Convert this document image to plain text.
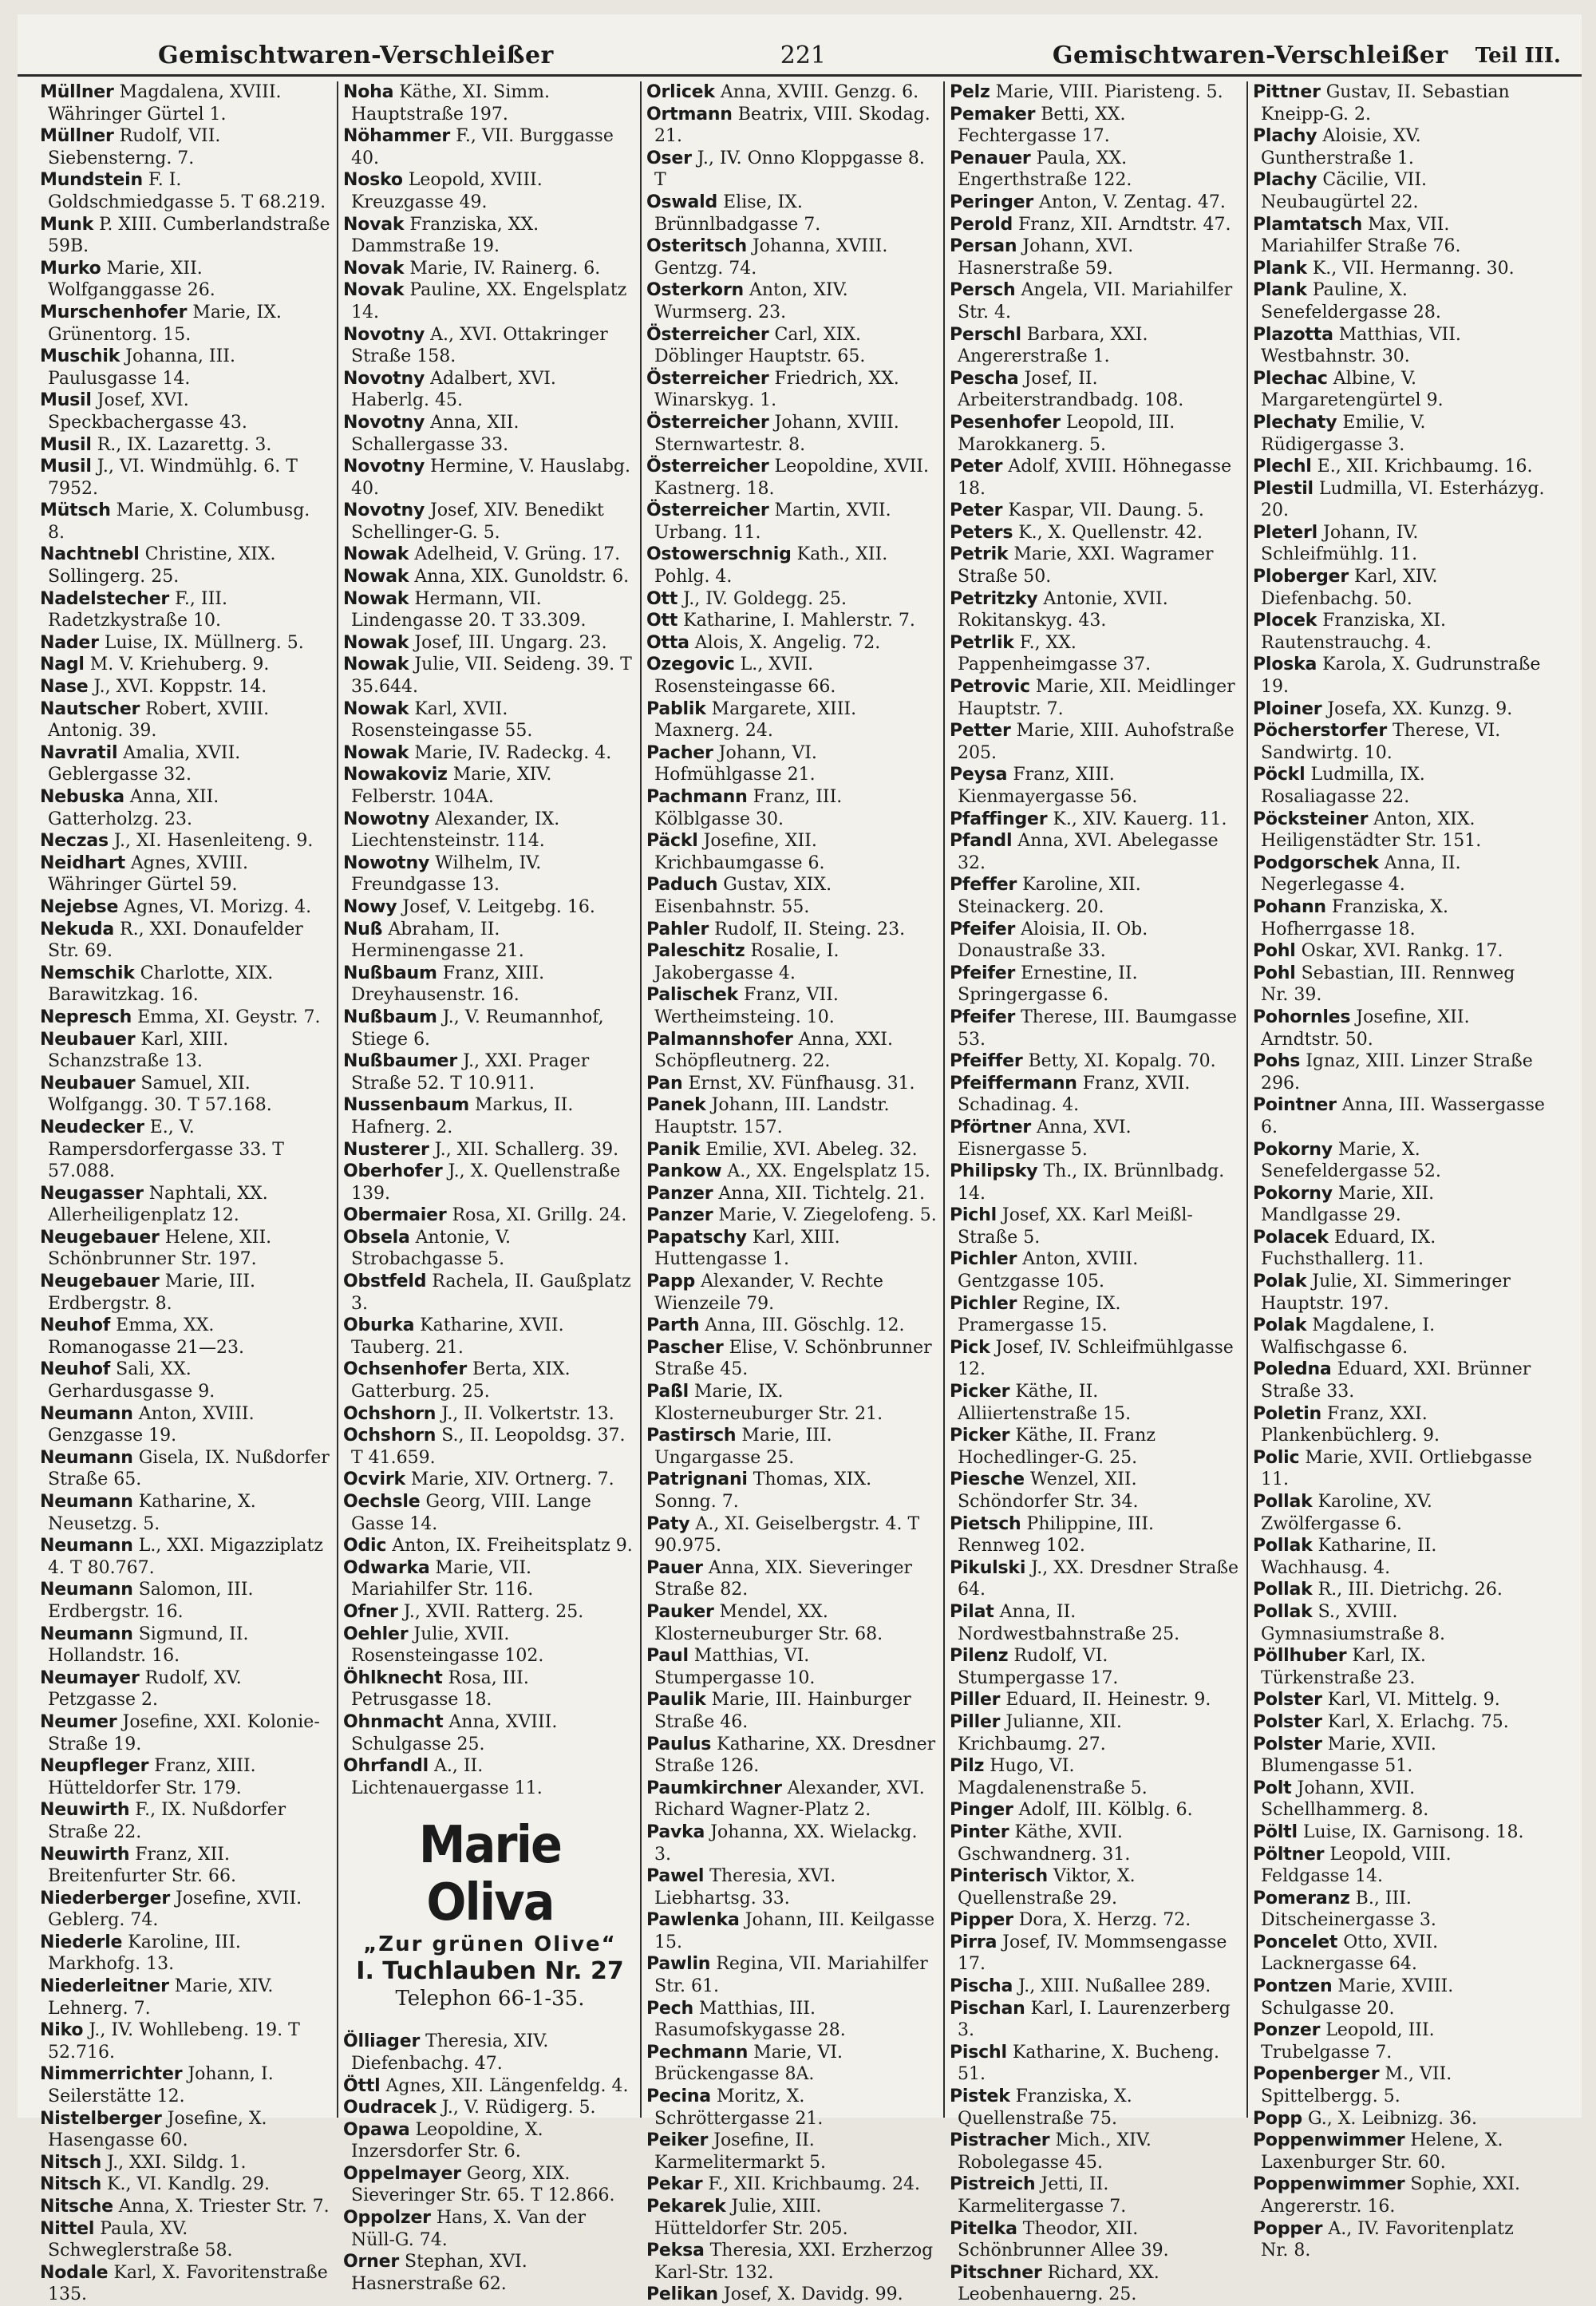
Gemischtwaren-Verschleißer	221	Gemischtwaren-Verschleißer Teil III.
Müllner Magdalena, XVIII. Währinger Gürtel 1.
Müllner Rudolf, VII. Siebensterng. 7.
Mundstein F. I. Goldschmiedgasse 5. T 68.219.
Munk P. XIII. Cumberlandstraße 59B.
Murko Marie, XII. Wolfganggasse 26.
Murschenhofer Marie, IX. Grünentorg. 15.
Muschik Johanna, III. Paulusgasse 14.
Musil Josef, XVI. Speckbachergasse 43.
Musil R., IX. Lazarettg. 3.
Musil J., VI. Windmühlg. 6. T 7952.
Mütsch Marie, X. Columbusg. 8.
Nachtnebl Christine, XIX. Sollingerg. 25.
Nadelstecher F., III. Radetzkystraße 10.
Nader Luise, IX. Müllnerg. 5.
Nagl M. V. Kriehuberg. 9.
Nase J., XVI. Koppstr. 14.
Nautscher Robert, XVIII. Antonig. 39.
Navratil Amalia, XVII. Geblergasse 32.
Nebuska Anna, XII. Gatterholzg. 23.
Neczas J., XI. Hasenleiteng. 9.
Neidhart Agnes, XVIII. Währinger Gürtel 59.
Nejebse Agnes, VI. Morizg. 4.
Nekuda R., XXI. Donaufelder Str. 69.
Nemschik Charlotte, XIX. Barawitzkag. 16.
Nepresch Emma, XI. Geystr. 7.
Neubauer Karl, XIII. Schanzstraße 13.
Neubauer Samuel, XII. Wolfgangg. 30. T 57.168.
Neudecker E., V. Rampersdorfergasse 33. T 57.088.
Neugasser Naphtali, XX. Allerheiligenplatz 12.
Neugebauer Helene, XII. Schönbrunner Str. 197.
Neugebauer Marie, III. Erdbergstr. 8.
Neuhof Emma, XX. Romanogasse 21—23.
Neuhof Sali, XX. Gerhardusgasse 9.
Neumann Anton, XVIII. Genzgasse 19.
Neumann Gisela, IX. Nußdorfer Straße 65.
Neumann Katharine, X. Neusetzg. 5.
Neumann L., XXI. Migazziplatz 4. T 80.767.
Neumann Salomon, III. Erdbergstr. 16.
Neumann Sigmund, II. Hollandstr. 16.
Neumayer Rudolf, XV. Petzgasse 2.
Neumer Josefine, XXI. Kolonie-Straße 19.
Neupfleger Franz, XIII. Hütteldorfer Str. 179.
Neuwirth F., IX. Nußdorfer Straße 22.
Neuwirth Franz, XII. Breitenfurter Str. 66.
Niederberger Josefine, XVII. Geblerg. 74.
Niederle Karoline, III. Markhofg. 13.
Niederleitner Marie, XIV. Lehnerg. 7.
Niko J., IV. Wohllebeng. 19. T 52.716.
Nimmerrichter Johann, I. Seilerstätte 12.
Nistelberger Josefine, X. Hasengasse 60.
Nitsch J., XXI. Sildg. 1.
Nitsch K., VI. Kandlg. 29.
Nitsche Anna, X. Triester Str. 7.
Nittel Paula, XV. Schweglerstraße 58.
Nodale Karl, X. Favoritenstraße 135.
Noha Käthe, XI. Simm. Hauptstraße 197.
Nöhammer F., VII. Burggasse 40.
Nosko Leopold, XVIII. Kreuzgasse 49.
Novak Franziska, XX. Dammstraße 19.
Novak Marie, IV. Rainerg. 6.
Novak Pauline, XX. Engelsplatz 14.
Novotny A., XVI. Ottakringer Straße 158.
Novotny Adalbert, XVI. Haberlg. 45.
Novotny Anna, XII. Schallergasse 33.
Novotny Hermine, V. Hauslabg. 40.
Novotny Josef, XIV. Benedikt Schellinger-G. 5.
Nowak Adelheid, V. Grüng. 17.
Nowak Anna, XIX. Gunoldstr. 6.
Nowak Hermann, VII. Lindengasse 20. T 33.309.
Nowak Josef, III. Ungarg. 23.
Nowak Julie, VII. Seideng. 39. T 35.644.
Nowak Karl, XVII. Rosensteingasse 55.
Nowak Marie, IV. Radeckg. 4.
Nowakoviz Marie, XIV. Felberstr. 104A.
Nowotny Alexander, IX. Liechtensteinstr. 114.
Nowotny Wilhelm, IV. Freundgasse 13.
Nowy Josef, V. Leitgebg. 16.
Nuß Abraham, II. Herminengasse 21.
Nußbaum Franz, XIII. Dreyhausenstr. 16.
Nußbaum J., V. Reumannhof, Stiege 6.
Nußbaumer J., XXI. Prager Straße 52. T 10.911.
Nussenbaum Markus, II. Hafnerg. 2.
Nusterer J., XII. Schallerg. 39.
Oberhofer J., X. Quellenstraße 139.
Obermaier Rosa, XI. Grillg. 24.
Obsela Antonie, V. Strobachgasse 5.
Obstfeld Rachela, II. Gaußplatz 3.
Oburka Katharine, XVII. Tauberg. 21.
Ochsenhofer Berta, XIX. Gatterburg. 25.
Ochshorn J., II. Volkertstr. 13.
Ochshorn S., II. Leopoldsg. 37. T 41.659.
Ocvirk Marie, XIV. Ortnerg. 7.
Oechsle Georg, VIII. Lange Gasse 14.
Odic Anton, IX. Freiheitsplatz 9.
Odwarka Marie, VII. Mariahilfer Str. 116.
Ofner J., XVII. Ratterg. 25.
Oehler Julie, XVII. Rosensteingasse 102.
Öhlknecht Rosa, III. Petrusgasse 18.
Ohnmacht Anna, XVIII. Schulgasse 25.
Ohrfandl A., II. Lichtenauergasse 11.
Marie Oliva
„Zur grünen Olive“
I. Tuchlauben Nr. 27
Telephon 66-1-35.
Ölliager Theresia, XIV. Diefenbachg. 47.
Öttl Agnes, XII. Längenfeldg. 4.
Oudracek J., V. Rüdigerg. 5.
Opawa Leopoldine, X. Inzersdorfer Str. 6.
Oppelmayer Georg, XIX. Sieveringer Str. 65. T 12.866.
Oppolzer Hans, X. Van der Nüll-G. 74.
Orner Stephan, XVI. Hasnerstraße 62.
Orlicek Anna, XVIII. Genzg. 6.
Ortmann Beatrix, VIII. Skodag. 21.
Oser J., IV. Onno Kloppgasse 8. T
Oswald Elise, IX. Brünnlbadgasse 7.
Osteritsch Johanna, XVIII. Gentzg. 74.
Osterkorn Anton, XIV. Wurmserg. 23.
Österreicher Carl, XIX. Döblinger Hauptstr. 65.
Österreicher Friedrich, XX. Winarskyg. 1.
Österreicher Johann, XVIII. Sternwartestr. 8.
Österreicher Leopoldine, XVII. Kastnerg. 18.
Österreicher Martin, XVII. Urbang. 11.
Ostowerschnig Kath., XII. Pohlg. 4.
Ott J., IV. Goldegg. 25.
Ott Katharine, I. Mahlerstr. 7.
Otta Alois, X. Angelig. 72.
Ozegovic L., XVII. Rosensteingasse 66.
Pablik Margarete, XIII. Maxnerg. 24.
Pacher Johann, VI. Hofmühlgasse 21.
Pachmann Franz, III. Kölblgasse 30.
Päckl Josefine, XII. Krichbaumgasse 6.
Paduch Gustav, XIX. Eisenbahnstr. 55.
Pahler Rudolf, II. Steing. 23.
Paleschitz Rosalie, I. Jakobergasse 4.
Palischek Franz, VII. Wertheimsteing. 10.
Palmannshofer Anna, XXI. Schöpfleutnerg. 22.
Pan Ernst, XV. Fünfhausg. 31.
Panek Johann, III. Landstr. Hauptstr. 157.
Panik Emilie, XVI. Abeleg. 32.
Pankow A., XX. Engelsplatz 15.
Panzer Anna, XII. Tichtelg. 21.
Panzer Marie, V. Ziegelofeng. 5.
Papatschy Karl, XIII. Huttengasse 1.
Papp Alexander, V. Rechte Wienzeile 79.
Parth Anna, III. Göschlg. 12.
Pascher Elise, V. Schönbrunner Straße 45.
Paßl Marie, IX. Klosterneuburger Str. 21.
Pastirsch Marie, III. Ungargasse 25.
Patrignani Thomas, XIX. Sonng. 7.
Paty A., XI. Geiselbergstr. 4. T 90.975.
Pauer Anna, XIX. Sieveringer Straße 82.
Pauker Mendel, XX. Klosterneuburger Str. 68.
Paul Matthias, VI. Stumpergasse 10.
Paulik Marie, III. Hainburger Straße 46.
Paulus Katharine, XX. Dresdner Straße 126.
Paumkirchner Alexander, XVI. Richard Wagner-Platz 2.
Pavka Johanna, XX. Wielackg. 3.
Pawel Theresia, XVI. Liebhartsg. 33.
Pawlenka Johann, III. Keilgasse 15.
Pawlin Regina, VII. Mariahilfer Str. 61.
Pech Matthias, III. Rasumofskygasse 28.
Pechmann Marie, VI. Brückengasse 8A.
Pecina Moritz, X. Schröttergasse 21.
Peiker Josefine, II. Karmelitermarkt 5.
Pekar F., XII. Krichbaumg. 24.
Pekarek Julie, XIII. Hütteldorfer Str. 205.
Peksa Theresia, XXI. Erzherzog Karl-Str. 132.
Pelikan Josef, X. Davidg. 99.
Pelz Marie, VIII. Piaristeng. 5.
Pemaker Betti, XX. Fechtergasse 17.
Penauer Paula, XX. Engerthstraße 122.
Peringer Anton, V. Zentag. 47.
Perold Franz, XII. Arndtstr. 47.
Persan Johann, XVI. Hasnerstraße 59.
Persch Angela, VII. Mariahilfer Str. 4.
Perschl Barbara, XXI. Angererstraße 1.
Pescha Josef, II. Arbeiterstrandbadg. 108.
Pesenhofer Leopold, III. Marokkanerg. 5.
Peter Adolf, XVIII. Höhnegasse 18.
Peter Kaspar, VII. Daung. 5.
Peters K., X. Quellenstr. 42.
Petrik Marie, XXI. Wagramer Straße 50.
Petritzky Antonie, XVII. Rokitanskyg. 43.
Petrlik F., XX. Pappenheimgasse 37.
Petrovic Marie, XII. Meidlinger Hauptstr. 7.
Petter Marie, XIII. Auhofstraße 205.
Peysa Franz, XIII. Kienmayergasse 56.
Pfaffinger K., XIV. Kauerg. 11.
Pfandl Anna, XVI. Abelegasse 32.
Pfeffer Karoline, XII. Steinackerg. 20.
Pfeifer Aloisia, II. Ob. Donaustraße 33.
Pfeifer Ernestine, II. Springergasse 6.
Pfeifer Therese, III. Baumgasse 53.
Pfeiffer Betty, XI. Kopalg. 70.
Pfeiffermann Franz, XVII. Schadinag. 4.
Pförtner Anna, XVI. Eisnergasse 5.
Philipsky Th., IX. Brünnlbadg. 14.
Pichl Josef, XX. Karl Meißl-Straße 5.
Pichler Anton, XVIII. Gentzgasse 105.
Pichler Regine, IX. Pramergasse 15.
Pick Josef, IV. Schleifmühlgasse 12.
Picker Käthe, II. Alliiertenstraße 15.
Picker Käthe, II. Franz Hochedlinger-G. 25.
Piesche Wenzel, XII. Schöndorfer Str. 34.
Pietsch Philippine, III. Rennweg 102.
Pikulski J., XX. Dresdner Straße 64.
Pilat Anna, II. Nordwestbahnstraße 25.
Pilenz Rudolf, VI. Stumpergasse 17.
Piller Eduard, II. Heinestr. 9.
Piller Julianne, XII. Krichbaumg. 27.
Pilz Hugo, VI. Magdalenenstraße 5.
Pinger Adolf, III. Kölblg. 6.
Pinter Käthe, XVII. Gschwandnerg. 31.
Pinterisch Viktor, X. Quellenstraße 29.
Pipper Dora, X. Herzg. 72.
Pirra Josef, IV. Mommsengasse 17.
Pischa J., XIII. Nußallee 289.
Pischan Karl, I. Laurenzerberg 3.
Pischl Katharine, X. Bucheng. 51.
Pistek Franziska, X. Quellenstraße 75.
Pistracher Mich., XIV. Robolegasse 45.
Pistreich Jetti, II. Karmelitergasse 7.
Pitelka Theodor, XII. Schönbrunner Allee 39.
Pitschner Richard, XX. Leobenhauerng. 25.
Pittner Gustav, II. Sebastian Kneipp-G. 2.
Plachy Aloisie, XV. Guntherstraße 1.
Plachy Cäcilie, VII. Neubaugürtel 22.
Plamtatsch Max, VII. Mariahilfer Straße 76.
Plank K., VII. Hermanng. 30.
Plank Pauline, X. Senefeldergasse 28.
Plazotta Matthias, VII. Westbahnstr. 30.
Plechac Albine, V. Margaretengürtel 9.
Plechaty Emilie, V. Rüdigergasse 3.
Plechl E., XII. Krichbaumg. 16.
Plestil Ludmilla, VI. Esterházyg. 20.
Pleterl Johann, IV. Schleifmühlg. 11.
Ploberger Karl, XIV. Diefenbachg. 50.
Plocek Franziska, XI. Rautenstrauchg. 4.
Ploska Karola, X. Gudrunstraße 19.
Ploiner Josefa, XX. Kunzg. 9.
Pöcherstorfer Therese, VI. Sandwirtg. 10.
Pöckl Ludmilla, IX. Rosaliagasse 22.
Pöcksteiner Anton, XIX. Heiligenstädter Str. 151.
Podgorschek Anna, II. Negerlegasse 4.
Pohann Franziska, X. Hofherrgasse 18.
Pohl Oskar, XVI. Rankg. 17.
Pohl Sebastian, III. Rennweg Nr. 39.
Pohornles Josefine, XII. Arndtstr. 50.
Pohs Ignaz, XIII. Linzer Straße 296.
Pointner Anna, III. Wassergasse 6.
Pokorny Marie, X. Senefeldergasse 52.
Pokorny Marie, XII. Mandlgasse 29.
Polacek Eduard, IX. Fuchsthallerg. 11.
Polak Julie, XI. Simmeringer Hauptstr. 197.
Polak Magdalene, I. Walfischgasse 6.
Poledna Eduard, XXI. Brünner Straße 33.
Poletin Franz, XXI. Plankenbüchlerg. 9.
Polic Marie, XVII. Ortliebgasse 11.
Pollak Karoline, XV. Zwölfergasse 6.
Pollak Katharine, II. Wachhausg. 4.
Pollak R., III. Dietrichg. 26.
Pollak S., XVIII. Gymnasiumstraße 8.
Pöllhuber Karl, IX. Türkenstraße 23.
Polster Karl, VI. Mittelg. 9.
Polster Karl, X. Erlachg. 75.
Polster Marie, XVII. Blumengasse 51.
Polt Johann, XVII. Schellhammerg. 8.
Pöltl Luise, IX. Garnisong. 18.
Pöltner Leopold, VIII. Feldgasse 14.
Pomeranz B., III. Ditscheinergasse 3.
Poncelet Otto, XVII. Lacknergasse 64.
Pontzen Marie, XVIII. Schulgasse 20.
Ponzer Leopold, III. Trubelgasse 7.
Popenberger M., VII. Spittelbergg. 5.
Popp G., X. Leibnizg. 36.
Poppenwimmer Helene, X. Laxenburger Str. 60.
Poppenwimmer Sophie, XXI. Angererstr. 16.
Popper A., IV. Favoritenplatz Nr. 8.
